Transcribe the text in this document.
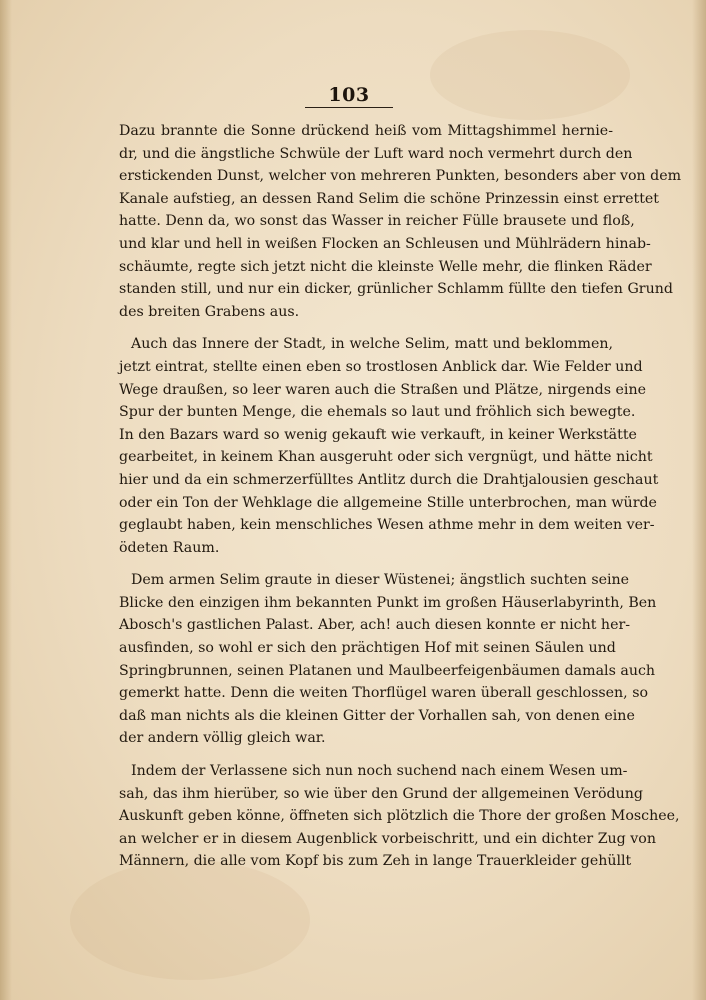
103
Dazu brannte die Sonne drückend heiß vom Mittagshimmel hernie-
dr, und die ängstliche Schwüle der Luft ward noch vermehrt durch den
erstickenden Dunst, welcher von mehreren Punkten, besonders aber von dem
Kanale aufstieg, an dessen Rand Selim die schöne Prinzessin einst errettet
hatte. Denn da, wo sonst das Wasser in reicher Fülle brausete und floß,
und klar und hell in weißen Flocken an Schleusen und Mühlrädern hinab-
schäumte, regte sich jetzt nicht die kleinste Welle mehr, die flinken Räder
standen still, und nur ein dicker, grünlicher Schlamm füllte den tiefen Grund
des breiten Grabens aus.
Auch das Innere der Stadt, in welche Selim, matt und beklommen,
jetzt eintrat, stellte einen eben so trostlosen Anblick dar. Wie Felder und
Wege draußen, so leer waren auch die Straßen und Plätze, nirgends eine
Spur der bunten Menge, die ehemals so laut und fröhlich sich bewegte.
In den Bazars ward so wenig gekauft wie verkauft, in keiner Werkstätte
gearbeitet, in keinem Khan ausgeruht oder sich vergnügt, und hätte nicht
hier und da ein schmerzerfülltes Antlitz durch die Drahtjalousien geschaut
oder ein Ton der Wehklage die allgemeine Stille unterbrochen, man würde
geglaubt haben, kein menschliches Wesen athme mehr in dem weiten ver-
ödeten Raum.
Dem armen Selim graute in dieser Wüstenei; ängstlich suchten seine
Blicke den einzigen ihm bekannten Punkt im großen Häuserlabyrinth, Ben
Abosch's gastlichen Palast. Aber, ach! auch diesen konnte er nicht her-
ausfinden, so wohl er sich den prächtigen Hof mit seinen Säulen und
Springbrunnen, seinen Platanen und Maulbeerfeigenbäumen damals auch
gemerkt hatte. Denn die weiten Thorflügel waren überall geschlossen, so
daß man nichts als die kleinen Gitter der Vorhallen sah, von denen eine
der andern völlig gleich war.
Indem der Verlassene sich nun noch suchend nach einem Wesen um-
sah, das ihm hierüber, so wie über den Grund der allgemeinen Verödung
Auskunft geben könne, öffneten sich plötzlich die Thore der großen Moschee,
an welcher er in diesem Augenblick vorbeischritt, und ein dichter Zug von
Männern, die alle vom Kopf bis zum Zeh in lange Trauerkleider gehüllt
